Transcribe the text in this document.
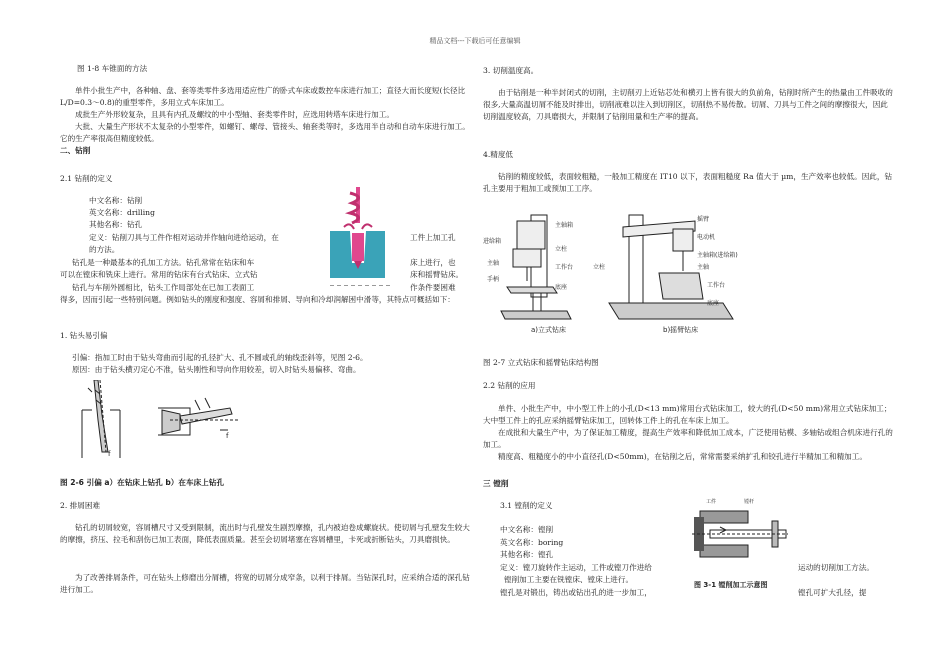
精品文档---下载后可任意编辑
图 1-8 车锥面的方法

单件小批生产中，各种轴、盘、套等类零件多选用适应性广的卧式车床或数控车床进行加工；直径大而长度短(长径比 L/D=0.3～0.8)的重型零件，多用立式车床加工。

成批生产外形较复杂，且具有内孔及螺纹的中小型轴、套类零件时，应选用转塔车床进行加工。

大批、大量生产形状不太复杂的小型零件，如螺钉、螺母、管接头、轴套类等时，多选用半自动和自动车床进行加工。它的生产率很高但精度较低。

二、钻削

2.1 钻削的定义
中文名称：钻削
英文名称：drilling
其他名称：钻孔
定义：钻削刀具与工件作相对运动并作轴向进给运动，在	工件上加工孔
的方法。
钻孔是一种最基本的孔加工方法。钻孔常常在钻床和车	床上进行，也
可以在镗床和铣床上进行。常用的钻床有台式钻床、立式钻	床和摇臂钻床。
钻孔与车削外圆相比，钻头工作局部处在已加工表面工	作条件要困难
得多，因而引起一些特别问题。例如钻头的刚度和强度、容屑和排屑、导向和冷却润解困中滑等，其特点可概括如下：
1. 钻头易引偏
引偏：指加工时由于钻头弯曲而引起的孔径扩大、孔不圆或孔的轴线歪斜等，见图 2-6。
原因：由于钻头横刃定心不准，钻头刚性和导向作用较差，切入时钻头易偏移、弯曲。
f
f
图 2-6 引偏 a）在钻床上钻孔 b）在车床上钻孔
2. 排屑困难

钻孔的切屑较宽，容屑槽尺寸又受到限制，流出时与孔壁发生剧烈摩擦，孔内被迫卷成螺旋状。使切屑与孔壁发生较大的摩擦，挤压、拉毛和刮伤已加工表面，降低表面质量。甚至会切屑堵塞在容屑槽里，卡死或折断钻头，刀具磨损快。

为了改善排屑条件，可在钻头上修磨出分屑槽，将宽的切屑分成窄条，以利于排屑。当钻深孔时，应采纳合适的深孔钻进行加工。

3. 切削温度高。

由于钻削是一种半封闭式的切削，主切削刃上近钻芯处和横刃上皆有很大的负前角，钻削时所产生的热量由工件吸收的很多,大量高温切屑不能及时排出，切削液难以注入到切削区，切削热不易传散。切屑、刀具与工件之间的摩擦很大，因此切削温度较高，刀具磨损大，并限制了钻削用量和生产率的提高。

4.精度低

钻削的精度较低，表面较粗糙，一般加工精度在 IT10 以下，表面粗糙度 Ra 值大于 µm，生产效率也较低。因此，钻孔主要用于粗加工或预加工工序。

主轴箱
进给箱
立柱
主轴
工作台
手柄
底座
a)立式钻床
摇臂
电动机
主轴箱(进给箱)
主轴
立柱
工作台
底座
b)摇臂钻床
图 2-7 立式钻床和摇臂钻床结构图
2.2 钻削的应用

单件、小批生产中，中小型工件上的小孔(D<13 mm)常用台式钻床加工，较大的孔(D<50 mm)常用立式钻床加工；大中型工件上的孔应采纳摇臂钻床加工，回转体工件上的孔在车床上加工。

在成批和大量生产中，为了保证加工精度，提高生产效率和降低加工成本，广泛使用钻模、多轴钻或组合机床进行孔的加工。

精度高、粗糙度小的中小直径孔(D<50mm)，在钻削之后，常常需要采纳扩孔和铰孔进行半精加工和精加工。

三 镗削
3.1 镗削的定义
中文名称：镗削
英文名称：boring
其他名称：镗孔
定义：镗刀旋转作主运动，工件或镗刀作进给	运动的切削加工方法。
镗削加工主要在铣镗床、镗床上进行。
镗孔是对锻出，铸出或钻出孔的进一步加工，	镗孔可扩大孔径，提
工件	镗杆
图 3-1 镗削加工示意图
